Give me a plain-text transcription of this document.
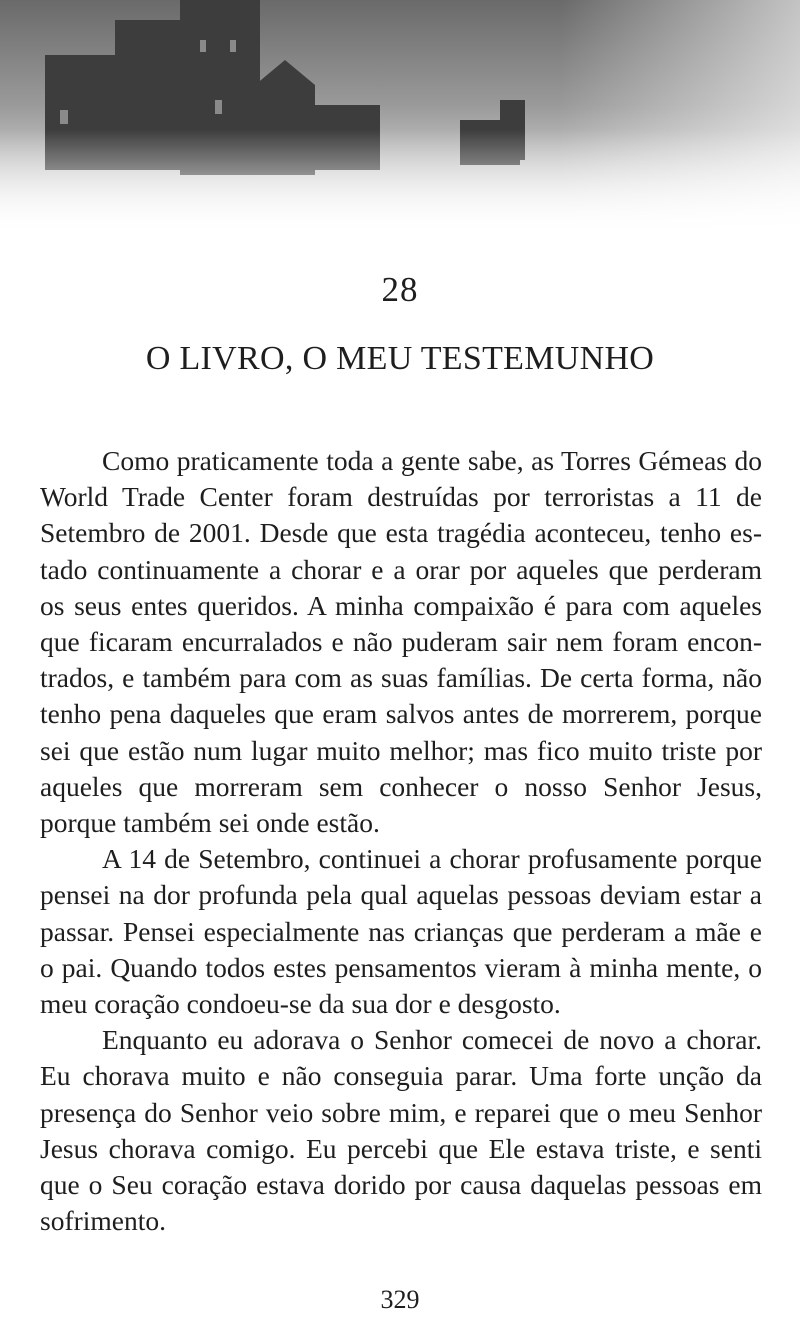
28
O LIVRO, O MEU TESTEMUNHO

Como praticamente toda a gente sabe, as Torres Gémeas do World Trade Center foram destruídas por terroristas a 11 de Setembro de 2001. Desde que esta tragédia aconteceu, tenho estado continuamente a chorar e a orar por aqueles que perderam os seus entes queridos. A minha compaixão é para com aqueles que ficaram encurralados e não puderam sair nem foram encontrados, e também para com as suas famílias. De certa forma, não tenho pena daqueles que eram salvos antes de morrerem, porque sei que estão num lugar muito melhor; mas fico muito triste por aqueles que morreram sem conhecer o nosso Senhor Jesus, porque também sei onde estão.

A 14 de Setembro, continuei a chorar profusamente porque pensei na dor profunda pela qual aquelas pessoas deviam estar a passar. Pensei especialmente nas crianças que perderam a mãe e o pai. Quando todos estes pensamentos vieram à minha mente, o meu coração condoeu-se da sua dor e desgosto.

Enquanto eu adorava o Senhor comecei de novo a chorar. Eu chorava muito e não conseguia parar. Uma forte unção da presença do Senhor veio sobre mim, e reparei que o meu Senhor Jesus chorava comigo. Eu percebi que Ele estava triste, e senti que o Seu coração estava dorido por causa daquelas pessoas em sofrimento.

329
